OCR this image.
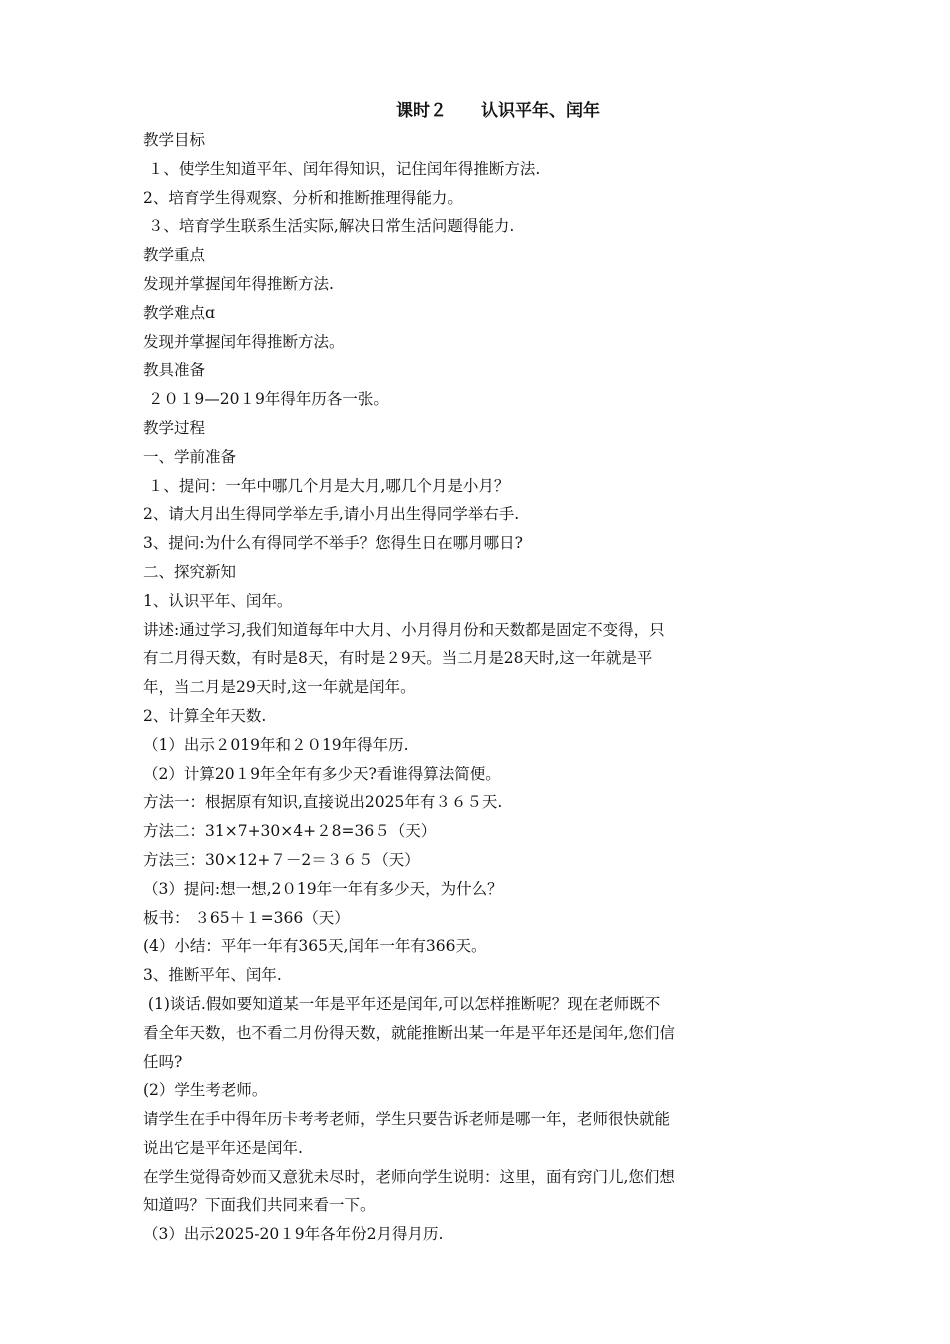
课时２　　认识平年、闰年
教学目标
１、使学生知道平年、闰年得知识，记住闰年得推断方法.
2、培育学生得观察、分析和推断推理得能力。
３、培育学生联系生活实际,解决日常生活问题得能力.
教学重点
发现并掌握闰年得推断方法.
教学难点ɑ
发现并掌握闰年得推断方法。
教具准备
２０１9—20１9年得年历各一张。
教学过程
一、学前准备
１、提问：一年中哪几个月是大月,哪几个月是小月？
2、请大月出生得同学举左手,请小月出生得同学举右手.
3、提问:为什么有得同学不举手？您得生日在哪月哪日?
二、探究新知
1、认识平年、闰年。
讲述:通过学习,我们知道每年中大月、小月得月份和天数都是固定不变得，只
有二月得天数，有时是8天，有时是２9天。当二月是28天时,这一年就是平
年，当二月是29天时,这一年就是闰年。
2、计算全年天数.
（1）出示２019年和２０19年得年历.
（2）计算20１9年全年有多少天?看谁得算法简便。
方法一：根据原有知识,直接说出2025年有３６５天.
方法二：31×7+30×4+２8=36５（天）
方法三：30×12+７－2＝３６５（天）
（3）提问:想一想,2０19年一年有多少天，为什么？
板书： ３65＋１=366（天）
(4）小结：平年一年有365天,闰年一年有366天。
3、推断平年、闰年.
(1)谈话.假如要知道某一年是平年还是闰年,可以怎样推断呢？现在老师既不
看全年天数，也不看二月份得天数，就能推断出某一年是平年还是闰年,您们信
任吗?
(2）学生考老师。
请学生在手中得年历卡考考老师，学生只要告诉老师是哪一年，老师很快就能
说出它是平年还是闰年.
在学生觉得奇妙而又意犹未尽时，老师向学生说明：这里，面有窍门儿,您们想
知道吗？下面我们共同来看一下。
（3）出示2025-20１9年各年份2月得月历.
